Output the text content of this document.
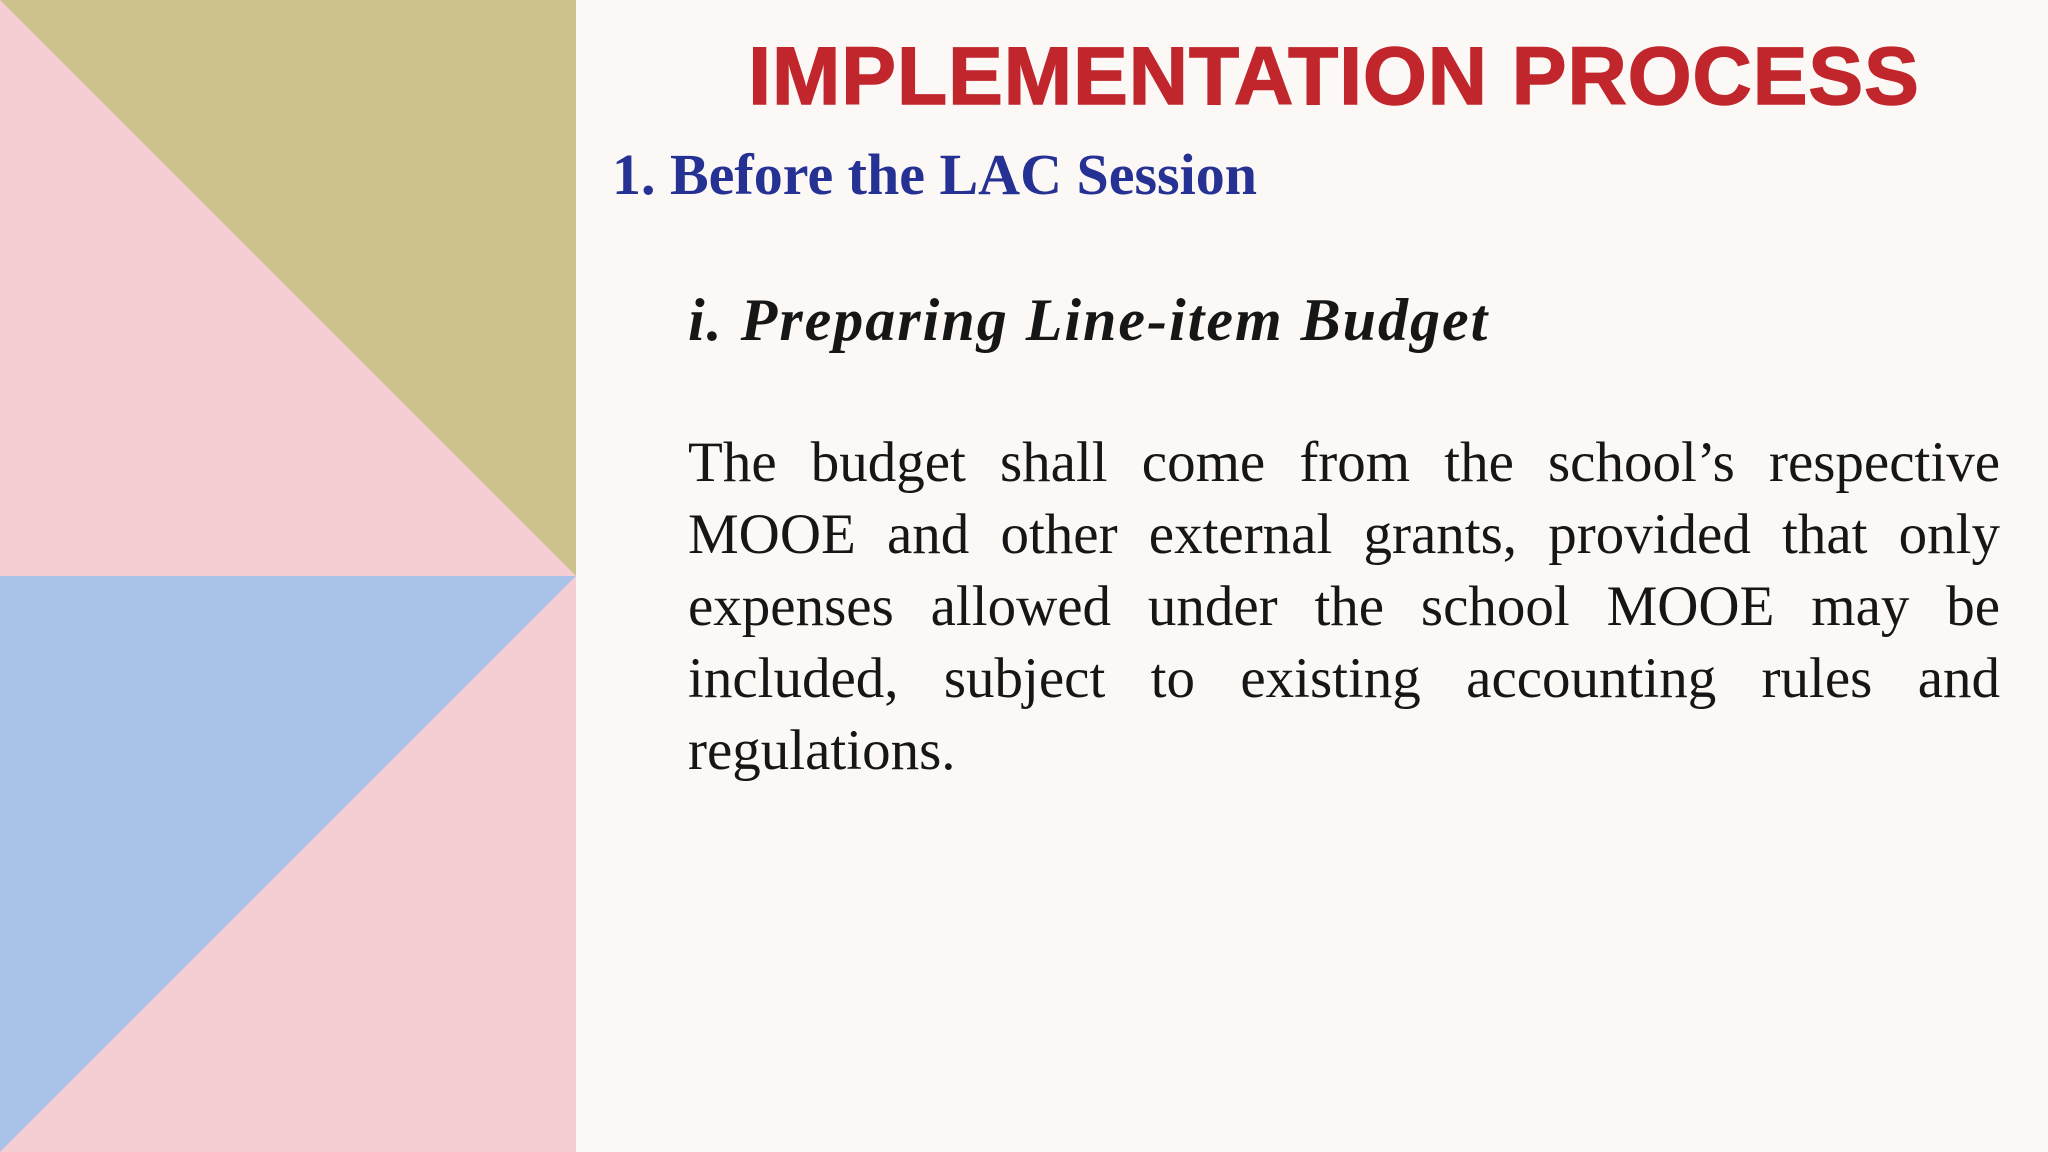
IMPLEMENTATION PROCESS
1. Before the LAC Session
i. Preparing Line-item Budget

The budget shall come from the school’s respective MOOE and other external grants, provided that only expenses allowed under the school MOOE may be included, subject to existing accounting rules and regulations.
